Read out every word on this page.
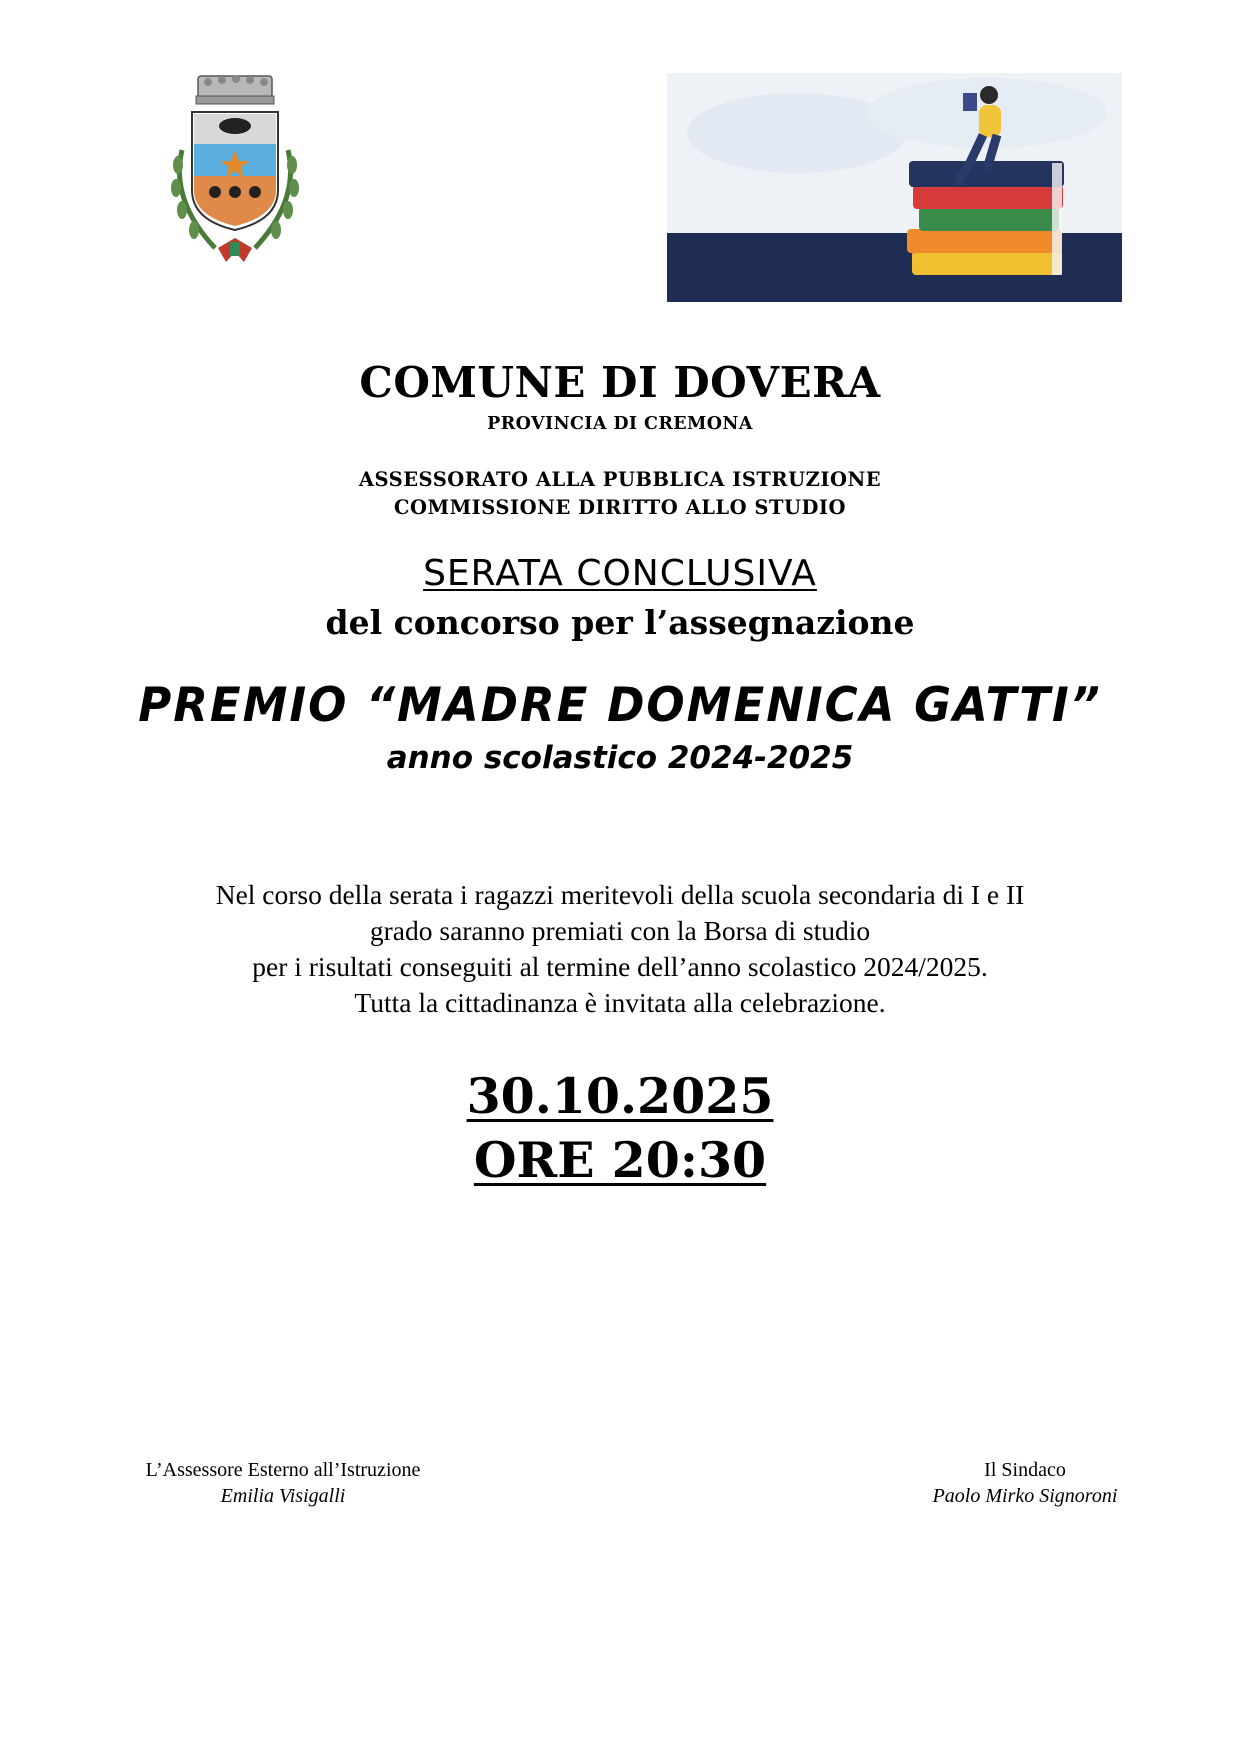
COMUNE DI DOVERA
PROVINCIA DI CREMONA
ASSESSORATO ALLA PUBBLICA ISTRUZIONE
COMMISSIONE DIRITTO ALLO STUDIO
SERATA CONCLUSIVA
del concorso per l’assegnazione
PREMIO “MADRE DOMENICA GATTI”
anno scolastico 2024-2025
Nel corso della serata i ragazzi meritevoli della scuola secondaria di I e II
grado saranno premiati con la Borsa di studio
per i risultati conseguiti al termine dell’anno scolastico 2024/2025.
Tutta la cittadinanza è invitata alla celebrazione.
30.10.2025
ORE 20:30
L’Assessore Esterno all’Istruzione
Emilia Visigalli
Il Sindaco
Paolo Mirko Signoroni
